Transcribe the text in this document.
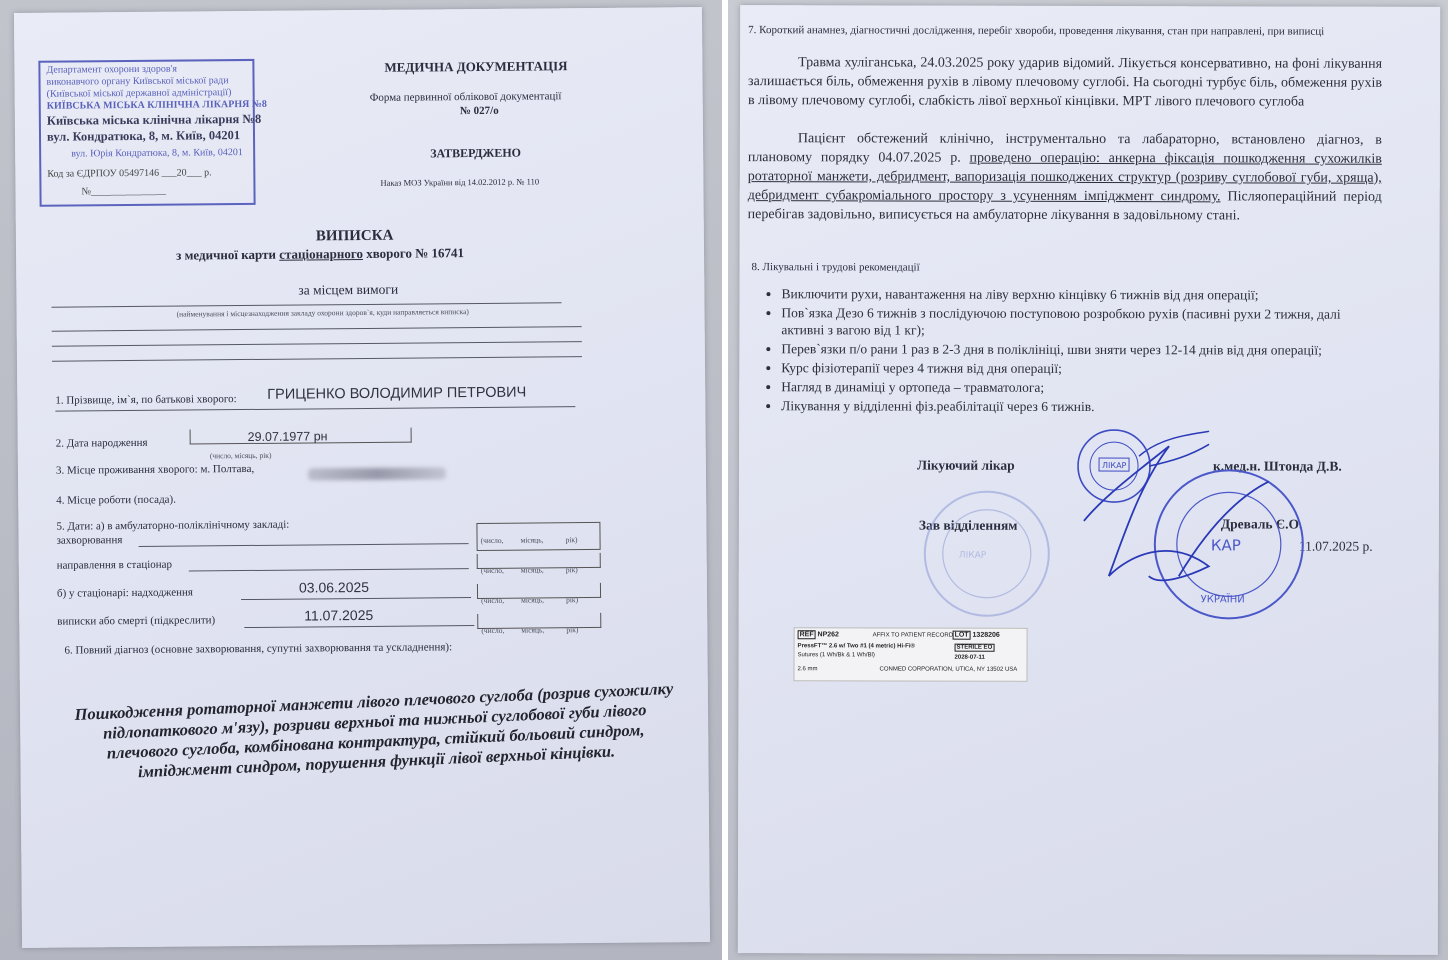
Департамент охорони здоров'я
виконавчого органу Київської міської ради
(Київської міської державної адміністрації)
КИЇВСЬКА МІСЬКА КЛІНІЧНА ЛІКАРНЯ №8
Київська міська клінічна лікарня №8
вул. Кондратюка, 8, м. Київ, 04201
вул. Юрія Кондратюка, 8, м. Київ, 04201
Код за ЄДРПОУ 05497146 ___20___ р.
№_______________
МЕДИЧНА ДОКУМЕНТАЦІЯ
Форма первинної облікової документації
№ 027/о
ЗАТВЕРДЖЕНО
Наказ МОЗ України від 14.02.2012 р. № 110
ВИПИСКА
з медичної карти стаціонарного хворого № 16741
за місцем вимоги
(найменування і місцезнаходження закладу охорони здоров`я, куди направляється виписка)
1. Прізвище, ім`я, по батькові хворого: ГРИЦЕНКО ВОЛОДИМИР ПЕТРОВИЧ
2. Дата народження	29.07.1977 рн
(число, місяць, рік)
3. Місце проживання хворого: м. Полтава,
4. Місце роботи (посада).
5. Дати: а) в амбулаторно-поліклінічному закладі:
захворювання
направлення в стаціонар
б) у стаціонарі: надходження	03.06.2025
виписки або смерті (підкреслити)	11.07.2025
(число, місяць,	рік)
(число, місяць,	рік)
(число, місяць,	рік)
(число, місяць,	рік)
6. Повний діагноз (основне захворювання, супутні захворювання та ускладнення):
Пошкодження ротаторної манжети лівого плечового суглоба (розрив сухожилку підлопаткового м'язу), розриви верхньої та нижньої суглобової губи лівого плечового суглоба, комбінована контрактура, стійкий больовий синдром, імпіджмент синдром, порушення функції лівої верхньої кінцівки.
7. Короткий анамнез, діагностичні дослідження, перебіг хвороби, проведення лікування, стан при направлені, при виписці
Травма хуліганська, 24.03.2025 року ударив відомий. Лікується консервативно, на фоні лікування залишається біль, обмеження рухів в лівому плечовому суглобі. На сьогодні турбує біль, обмеження рухів в лівому плечовому суглобі, слабкість лівої верхньої кінцівки. МРТ лівого плечового суглоба
Пацієнт обстежений клінічно, інструментально та лабараторно, встановлено діагноз, в плановому порядку 04.07.2025 р. проведено операцію: анкерна фіксація пошкодження сухожилків ротаторної манжети, дебридмент, вапоризація пошкоджених структур (розриву суглобової губи, хряща), дебридмент субакроміального простору з усуненням імпіджмент синдрому. Післяопераційний період перебігав задовільно, виписується на амбулаторне лікування в задовільному стані.
8. Лікувальні і трудові рекомендації
• Виключити рухи, навантаження на ліву верхню кінцівку 6 тижнів від дня операції;
• Пов`язка Дезо 6 тижнів з послідуючою поступовою розробкою рухів (пасивні рухи 2 тижня, далі активні з вагою від 1 кг);
• Перев`язки п/о рани 1 раз в 2-3 дня в поліклініці, шви зняти через 12-14 днів від дня операції;
• Курс фізіотерапії через 4 тижня від дня операції;
• Нагляд в динаміці у ортопеда – травматолога;
• Лікування у відділенні фіз.реабілітації через 6 тижнів.
Лікуючий лікар	к.мед.н. Штонда Д.В.
Зав відділенням	Древаль Є.О.
11.07.2025 р.
ЛІКАР
ЛІКАР
КАР
УКРАЇНИ
REF NP262	AFFIX TO PATIENT RECORD LOT 1328206
PressFT™ 2.6 w/ Two #1 (4 metric) Hi-Fi®
Sutures (1 Wh/Bk & 1 Wh/Bl)
STERILE EO
2028-07-11
2.6 mm	CONMED CORPORATION, UTICA, NY 13502 USA
